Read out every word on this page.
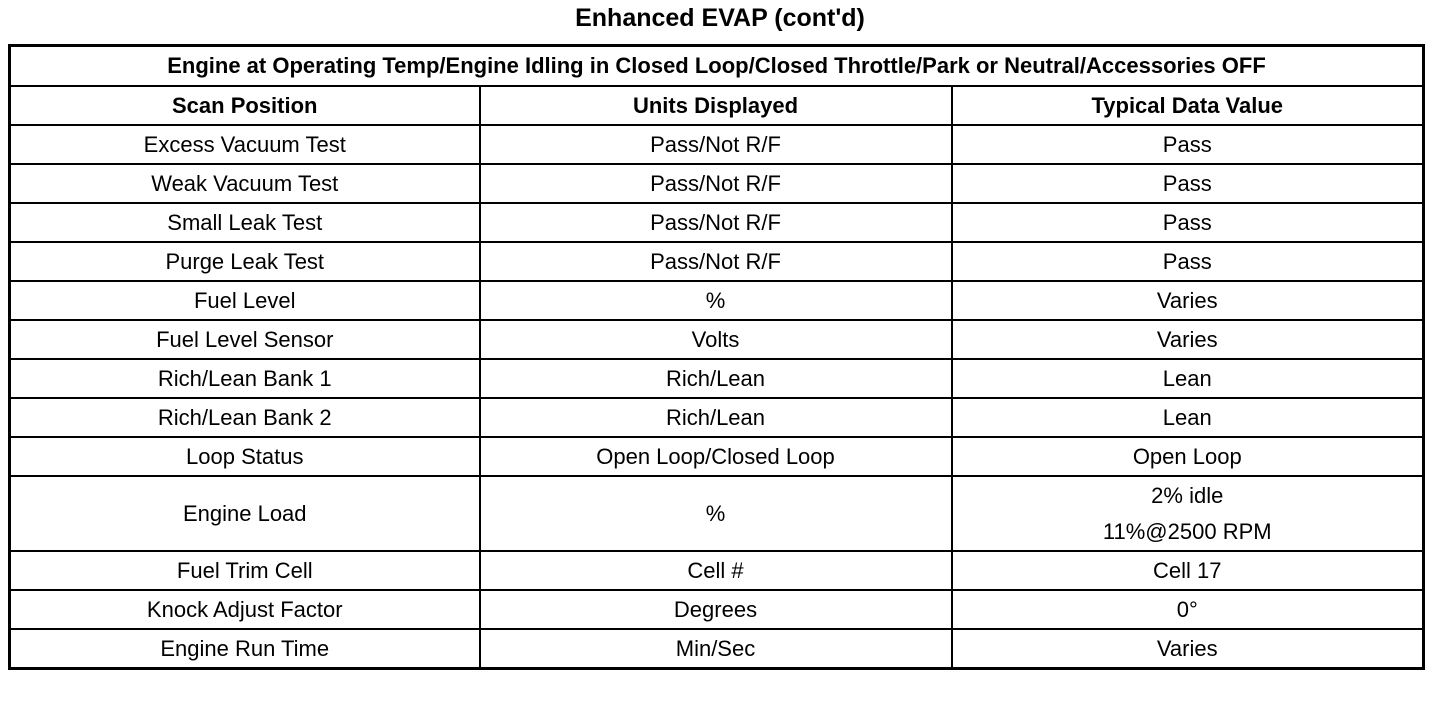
Enhanced EVAP (cont'd)
Engine at Operating Temp/Engine Idling in Closed Loop/Closed Throttle/Park or Neutral/Accessories OFF		
Scan Position	Units Displayed	Typical Data Value
Excess Vacuum Test	Pass/Not R/F	Pass
Weak Vacuum Test	Pass/Not R/F	Pass
Small Leak Test	Pass/Not R/F	Pass
Purge Leak Test	Pass/Not R/F	Pass
Fuel Level	%	Varies
Fuel Level Sensor	Volts	Varies
Rich/Lean Bank 1	Rich/Lean	Lean
Rich/Lean Bank 2	Rich/Lean	Lean
Loop Status	Open Loop/Closed Loop	Open Loop
Engine Load	%	2% idle
11%@2500 RPM

Fuel Trim Cell	Cell #	Cell 17
Knock Adjust Factor	Degrees	0°
Engine Run Time	Min/Sec	Varies
